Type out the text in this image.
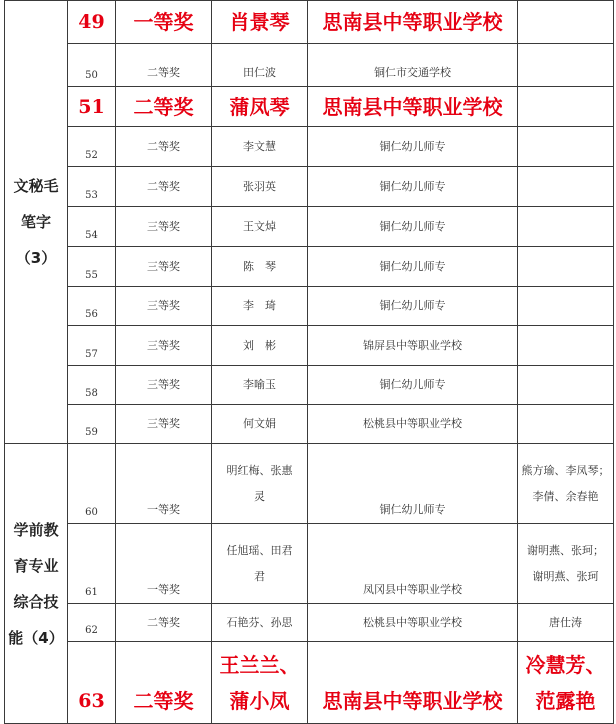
文秘毛
笔字
（3）	49	一等奖	肖景琴	思南县中等职业学校	
	50	二等奖	田仁波	铜仁市交通学校	
	51	二等奖	蒲凤琴	思南县中等职业学校	
	52	二等奖	李文慧	铜仁幼儿师专	
	53	二等奖	张羽英	铜仁幼儿师专	
	54	三等奖	王文焯	铜仁幼儿师专	
	55	三等奖	陈　琴	铜仁幼儿师专	
	56	三等奖	李　琦	铜仁幼儿师专	
	57	三等奖	刘　彬	锦屏县中等职业学校	
	58	三等奖	李喻玉	铜仁幼儿师专	
	59	三等奖	何文娟	松桃县中等职业学校	

学前教
育专业
综合技
能（4）	60	一等奖	明红梅、张惠
灵	铜仁幼儿师专	熊方瑜、李凤琴；
李倩、余春艳

	61	一等奖	任旭瑶、田君
君	凤冈县中等职业学校	谢明燕、张珂；
谢明燕、张珂

	62	二等奖	石艳芬、孙思	松桃县中等职业学校	唐仕涛
	63	二等奖	王兰兰、
蒲小凤	思南县中等职业学校	冷慧芳、
范露艳
